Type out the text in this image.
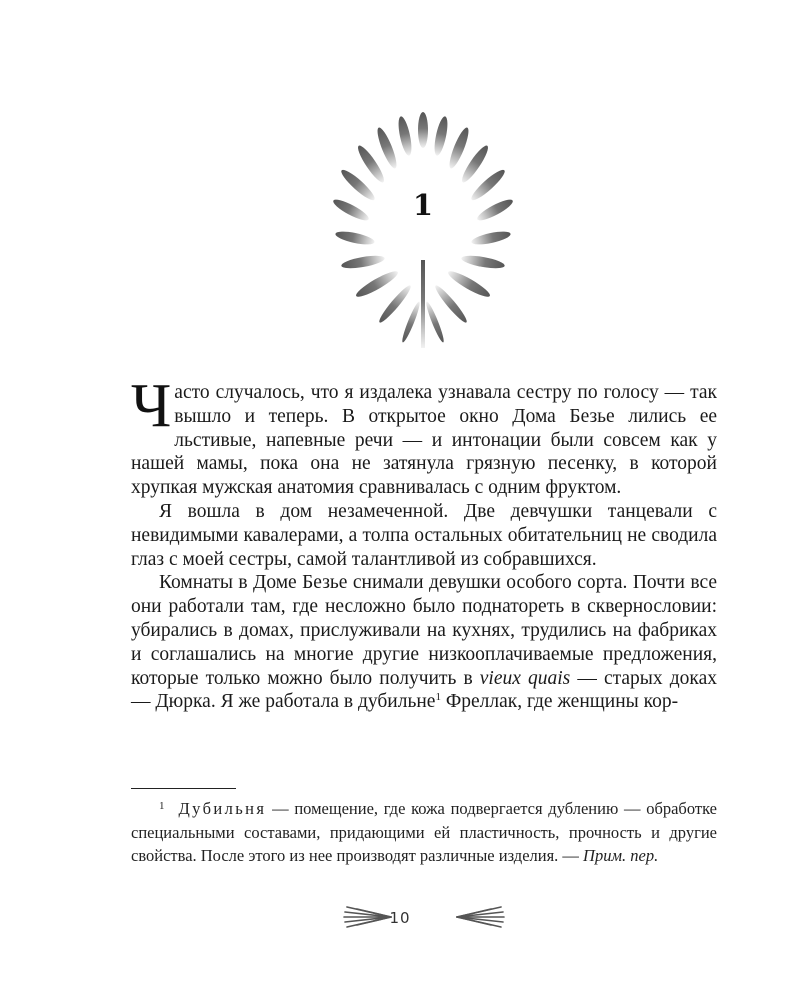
1

Часто случалось, что я издалека узнавала сестру по голосу — так вышло и теперь. В открытое окно Дома Безье лились ее льстивые, напевные речи — и интонации были совсем как у нашей мамы, пока она не затянула грязную песенку, в которой хрупкая мужская анатомия сравнивалась с одним фруктом.

Я вошла в дом незамеченной. Две девчушки танцевали с невидимыми кавалерами, а толпа остальных обитательниц не сводила глаз с моей сестры, самой талантливой из собравшихся.

Комнаты в Доме Безье снимали девушки особого сорта. Почти все они работали там, где несложно было поднатореть в сквернословии: убирались в домах, прислуживали на кухнях, трудились на фабриках и соглашались на многие другие низкооплачиваемые предложения, которые только можно было получить в vieux quais — старых доках — Дюрка. Я же работала в дубильне$^1$ Фреллак, где женщины кор-

$^1$ Дубильня — помещение, где кожа подвергается дублению — обработке специальными составами, придающими ей пластичность, прочность и другие свойства. После этого из нее производят различные изделия. — Прим. пер.

10
